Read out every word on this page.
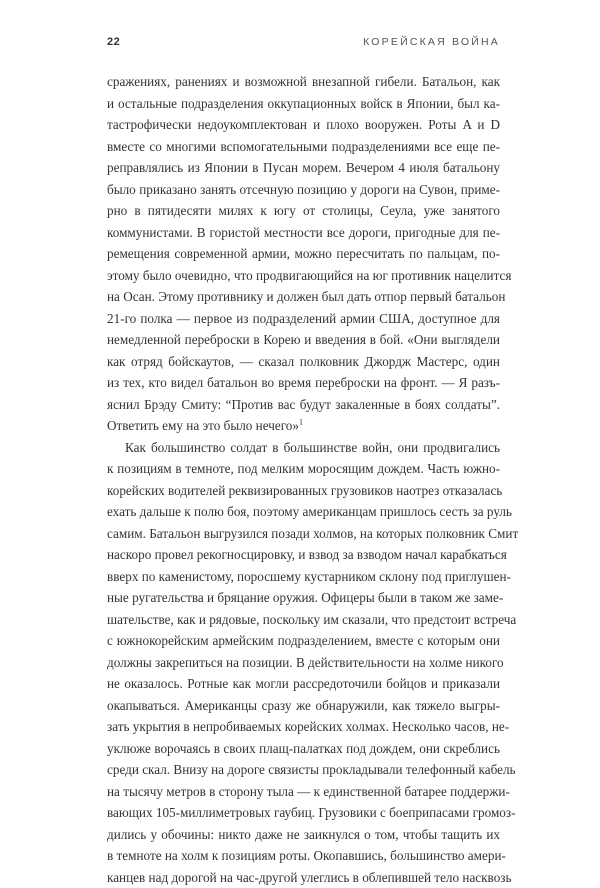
22	КОРЕЙСКАЯ ВОЙНА
сражениях, ранениях и возможной внезапной гибели. Батальон, как
и остальные подразделения оккупационных войск в Японии, был ка-
тастрофически недоукомплектован и плохо вооружен. Роты A и D
вместе со многими вспомогательными подразделениями все еще пе-
реправлялись из Японии в Пусан морем. Вечером 4 июля батальону
было приказано занять отсечную позицию у дороги на Сувон, приме-
рно в пятидесяти милях к югу от столицы, Сеула, уже занятого
коммунистами. В гористой местности все дороги, пригодные для пе-
ремещения современной армии, можно пересчитать по пальцам, по-
этому было очевидно, что продвигающийся на юг противник нацелится
на Осан. Этому противнику и должен был дать отпор первый батальон
21-го полка — первое из подразделений армии США, доступное для
немедленной переброски в Корею и введения в бой. «Они выглядели
как отряд бойскаутов, — сказал полковник Джордж Мастерс, один
из тех, кто видел батальон во время переброски на фронт. — Я разъ-
яснил Брэду Смиту: “Против вас будут закаленные в боях солдаты”.
Ответить ему на это было нечего»$^1$
Как большинство солдат в большинстве войн, они продвигались
к позициям в темноте, под мелким моросящим дождем. Часть южно-
корейских водителей реквизированных грузовиков наотрез отказалась
ехать дальше к полю боя, поэтому американцам пришлось сесть за руль
самим. Батальон выгрузился позади холмов, на которых полковник Смит
наскоро провел рекогносцировку, и взвод за взводом начал карабкаться
вверх по каменистому, поросшему кустарником склону под приглушен-
ные ругательства и бряцание оружия. Офицеры были в таком же заме-
шательстве, как и рядовые, поскольку им сказали, что предстоит встреча
с южнокорейским армейским подразделением, вместе с которым они
должны закрепиться на позиции. В действительности на холме никого
не оказалось. Ротные как могли рассредоточили бойцов и приказали
окапываться. Американцы сразу же обнаружили, как тяжело выгры-
зать укрытия в непробиваемых корейских холмах. Несколько часов, не-
уклюже ворочаясь в своих плащ-палатках под дождем, они скреблись
среди скал. Внизу на дороге связисты прокладывали телефонный кабель
на тысячу метров в сторону тыла — к единственной батарее поддержи-
вающих 105-миллиметровых гаубиц. Грузовики с боеприпасами громоз-
дились у обочины: никто даже не заикнулся о том, чтобы тащить их
в темноте на холм к позициям роты. Окопавшись, большинство амери-
канцев над дорогой на час-другой улеглись в облепившей тело насквозь
